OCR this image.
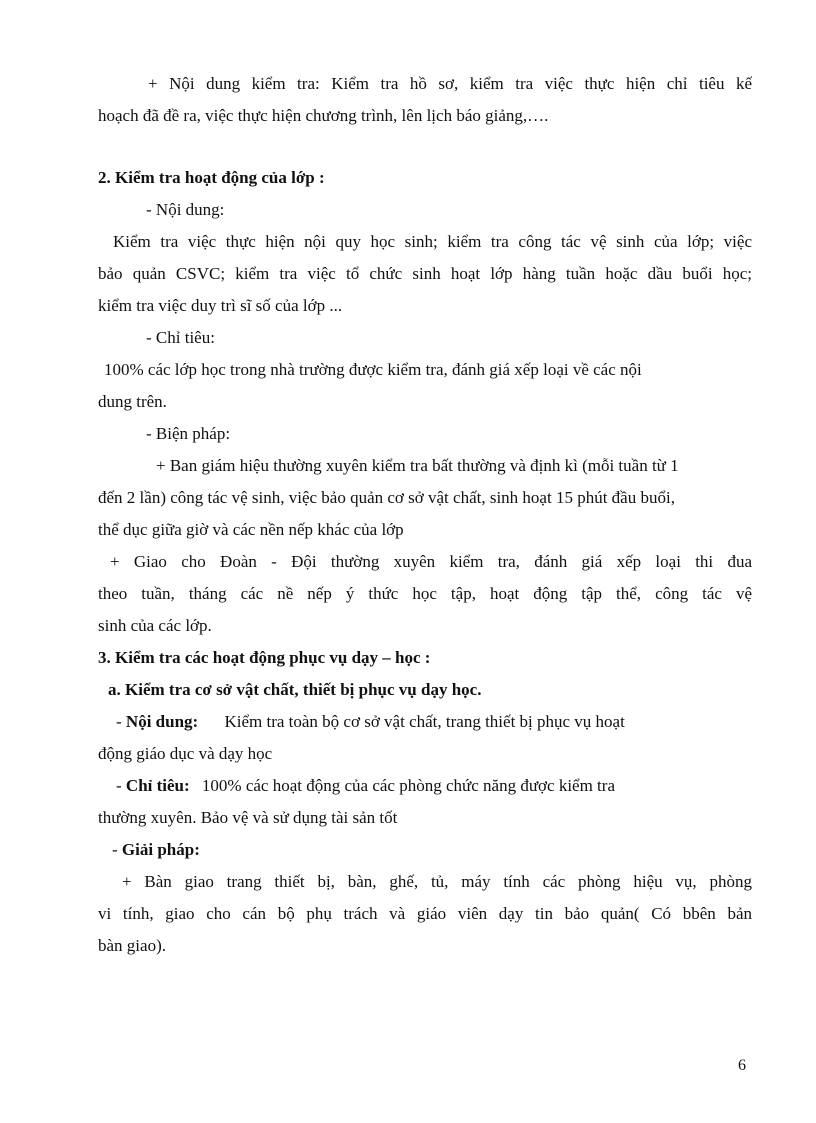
+ Nội dung kiểm tra: Kiểm tra hồ sơ, kiểm tra việc thực hiện chỉ tiêu kế
hoạch đã đề ra, việc thực hiện chương trình, lên lịch báo giảng,….
2. Kiểm tra hoạt động của lớp :
- Nội dung:
Kiểm tra việc thực hiện nội quy học sinh; kiểm tra công tác vệ sinh của lớp; việc
bảo quản CSVC; kiểm tra việc tổ chức sinh hoạt lớp hàng tuần hoặc dầu buổi học;
kiểm tra việc duy trì sĩ số của lớp ...
- Chỉ tiêu:
100% các lớp học trong nhà trường được kiểm tra, đánh giá xếp loại về các nội
dung trên.
- Biện pháp:
+ Ban giám hiệu thường xuyên kiểm tra bất thường và định kì (mỗi tuần từ 1
đến 2 lần) công tác vệ sinh, việc bảo quản cơ sở vật chất, sinh hoạt 15 phút đầu buổi,
thể dục giữa giờ và các nền nếp khác của lớp
+ Giao cho Đoàn - Đội thường xuyên kiểm tra, đánh giá xếp loại thi đua
theo tuần, tháng các nề nếp ý thức học tập, hoạt động tập thể, công tác vệ
sinh của các lớp.
3. Kiểm tra các hoạt động phục vụ dạy – học :
a. Kiểm tra cơ sở vật chất, thiết bị phục vụ dạy học.
- Nội dung: Kiểm tra toàn bộ cơ sở vật chất, trang thiết bị phục vụ hoạt
động giáo dục và dạy học
- Chỉ tiêu: 100% các hoạt động của các phòng chức năng được kiểm tra
thường xuyên. Bảo vệ và sử dụng tài sản tốt
- Giải pháp:
+ Bàn giao trang thiết bị, bàn, ghế, tủ, máy tính các phòng hiệu vụ, phòng
vi tính, giao cho cán bộ phụ trách và giáo viên dạy tin bảo quản( Có bbên bản
bàn giao).
6
